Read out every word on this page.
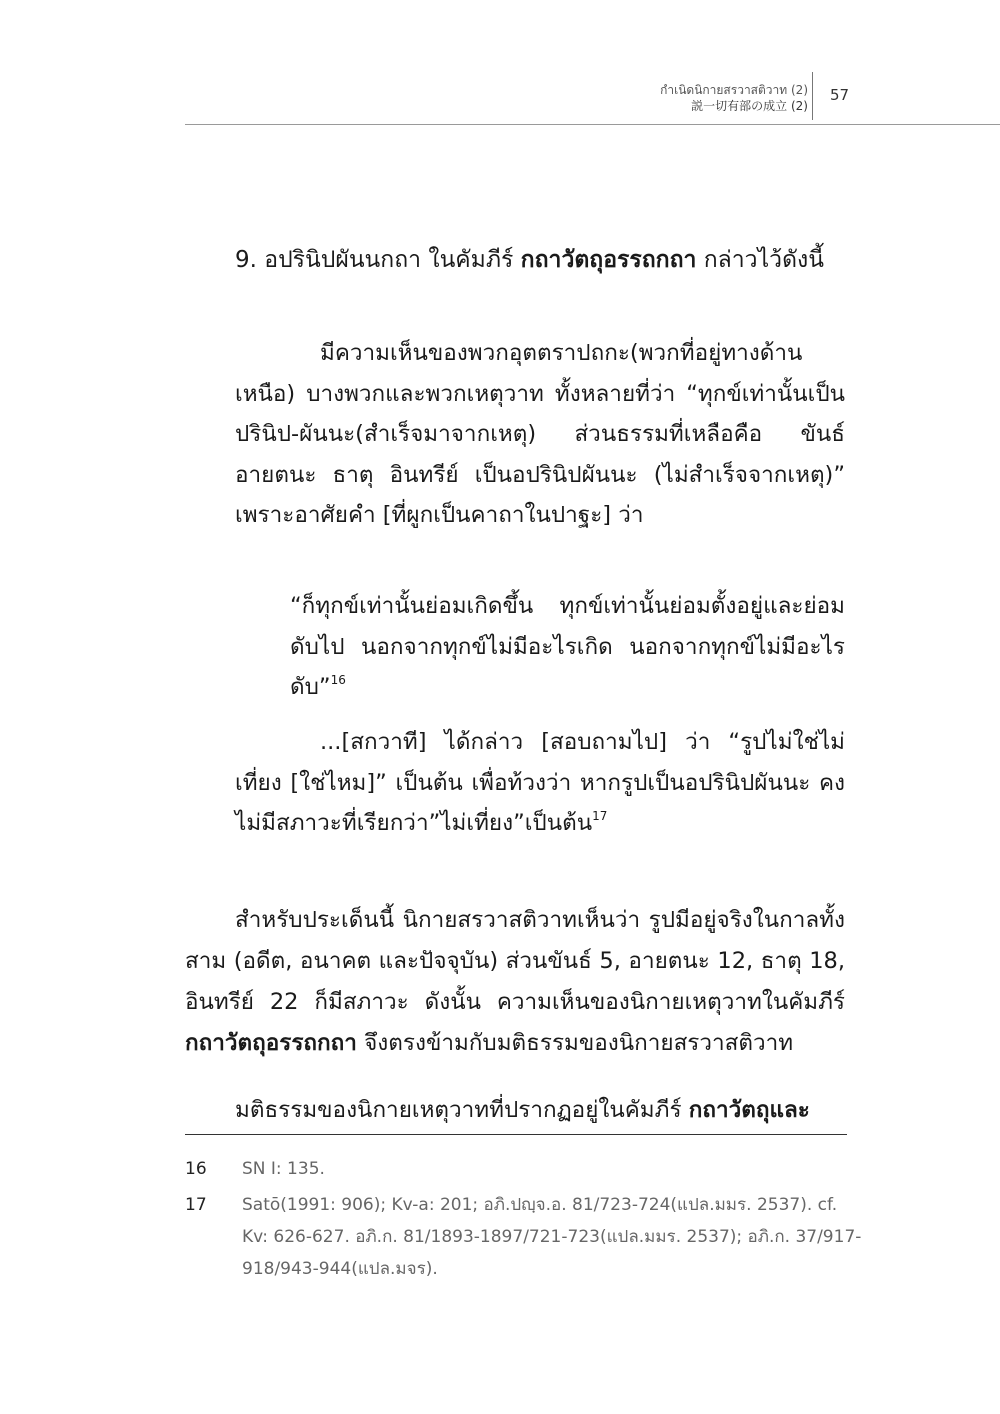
กำเนิดนิกายสรวาสติวาท (2)
説一切有部の成立 (2)
57
9. อปรินิปผันนกถา ในคัมภีร์ กถาวัตถุอรรถกถา กล่าวไว้ดังนี้
มีความเห็นของพวกอุตตราปถกะ(พวกที่อยู่ทางด้านเหนือ) บางพวกและพวกเหตุวาท ทั้งหลายที่ว่า “ทุกข์เท่านั้นเป็นปรินิป-ผันนะ(สำเร็จมาจากเหตุ) ส่วนธรรมที่เหลือคือ ขันธ์ อายตนะ ธาตุ อินทรีย์ เป็นอปรินิปผันนะ (ไม่สำเร็จจากเหตุ)” เพราะอาศัยคำ [ที่ผูกเป็นคาถาในปาฐะ] ว่า
“ก็ทุกข์เท่านั้นย่อมเกิดขึ้น ทุกข์เท่านั้นย่อมตั้งอยู่และย่อมดับไป นอกจากทุกข์ไม่มีอะไรเกิด นอกจากทุกข์ไม่มีอะไรดับ”$^{16}$
...[สกวาที] ได้กล่าว [สอบถามไป] ว่า “รูปไม่ใช่ไม่เที่ยง [ใช่ไหม]” เป็นต้น เพื่อท้วงว่า หากรูปเป็นอปรินิปผันนะ คงไม่มีสภาวะที่เรียกว่า”ไม่เที่ยง”เป็นต้น$^{17}$
สำหรับประเด็นนี้ นิกายสรวาสติวาทเห็นว่า รูปมีอยู่จริงในกาลทั้งสาม (อดีต, อนาคต และปัจจุบัน) ส่วนขันธ์ 5, อายตนะ 12, ธาตุ 18, อินทรีย์ 22 ก็มีสภาวะ ดังนั้น ความเห็นของนิกายเหตุวาทในคัมภีร์ กถาวัตถุอรรถกถา จึงตรงข้ามกับมติธรรมของนิกายสรวาสติวาท
มติธรรมของนิกายเหตุวาทที่ปรากฏอยู่ในคัมภีร์ กถาวัตถุและ
16	SN I: 135.
17	Satō(1991: 906); Kv-a: 201; อภิ.ปญฺจ.อ. 81/723-724(แปล.มมร. 2537). cf. Kv: 626-627. อภิ.ก. 81/1893-1897/721-723(แปล.มมร. 2537); อภิ.ก. 37/917-918/943-944(แปล.มจร).
